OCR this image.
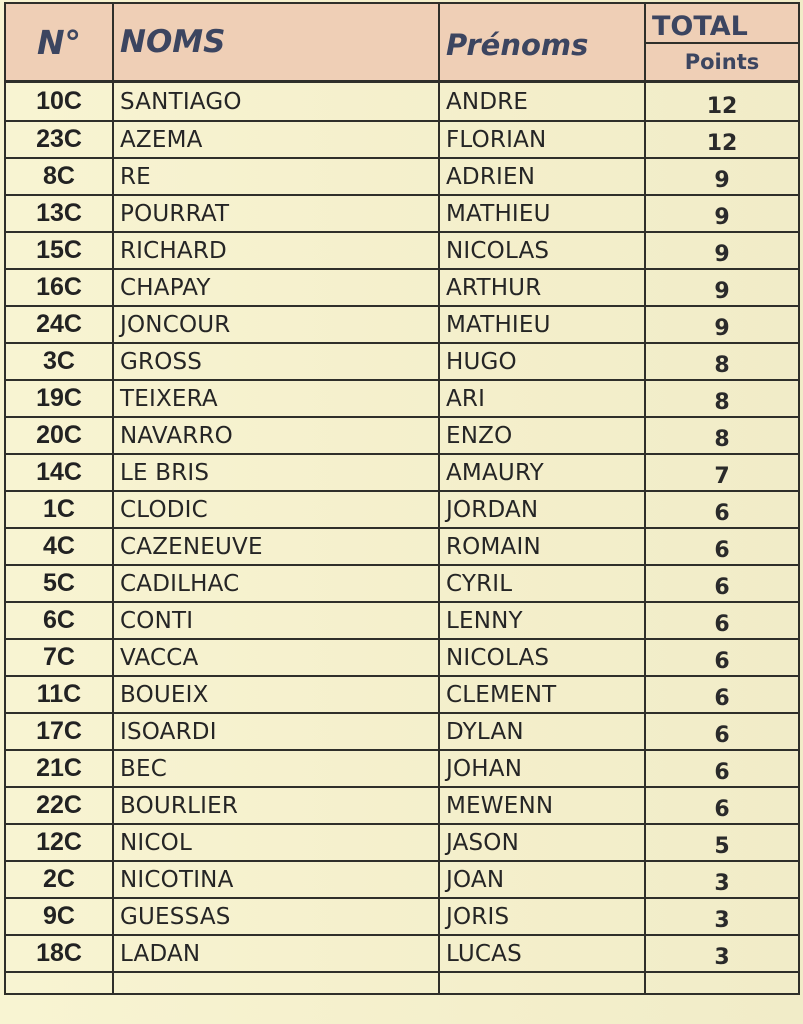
N°	NOMS	Prénoms	TOTAL
			Points
10C	SANTIAGO	ANDRE	12
23C	AZEMA	FLORIAN	12
8C	RE	ADRIEN	9
13C	POURRAT	MATHIEU	9
15C	RICHARD	NICOLAS	9
16C	CHAPAY	ARTHUR	9
24C	JONCOUR	MATHIEU	9
3C	GROSS	HUGO	8
19C	TEIXERA	ARI	8
20C	NAVARRO	ENZO	8
14C	LE BRIS	AMAURY	7
1C	CLODIC	JORDAN	6
4C	CAZENEUVE	ROMAIN	6
5C	CADILHAC	CYRIL	6
6C	CONTI	LENNY	6
7C	VACCA	NICOLAS	6
11C	BOUEIX	CLEMENT	6
17C	ISOARDI	DYLAN	6
21C	BEC	JOHAN	6
22C	BOURLIER	MEWENN	6
12C	NICOL	JASON	5
2C	NICOTINA	JOAN	3
9C	GUESSAS	JORIS	3
18C	LADAN	LUCAS	3
